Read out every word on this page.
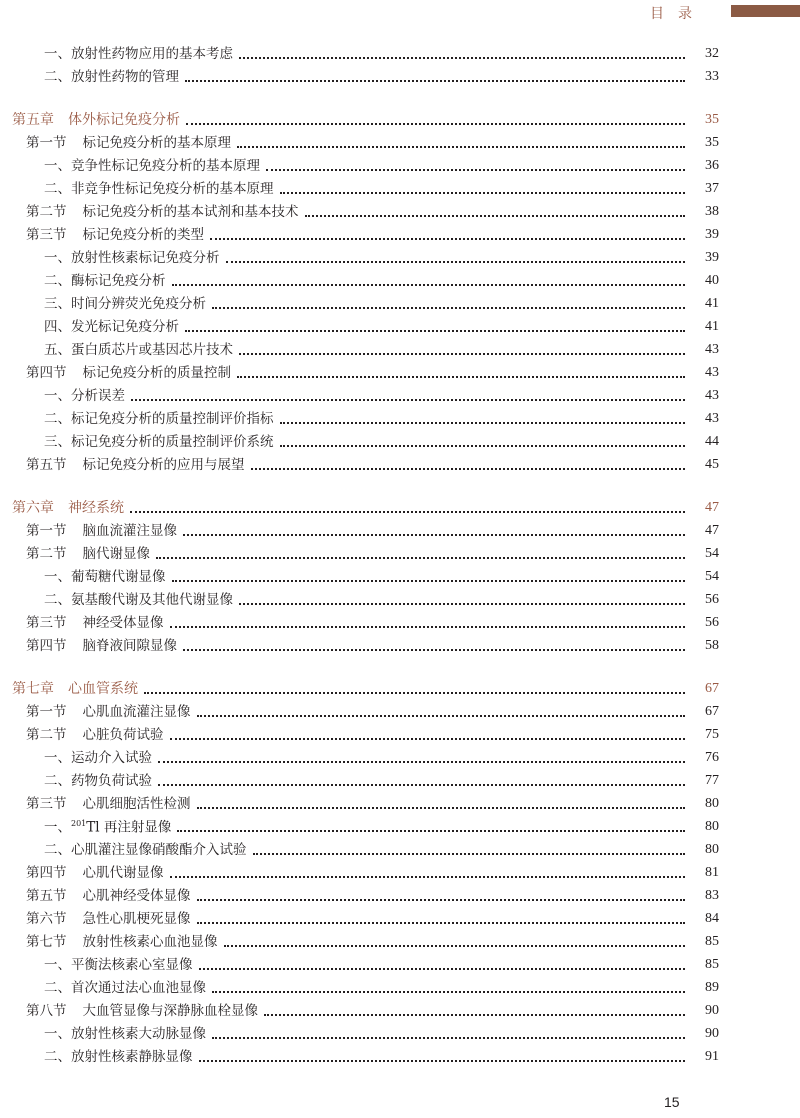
目录
一、放射性药物应用的基本考虑	32
二、放射性药物的管理	33
第五章 体外标记免疫分析	35
第一节 标记免疫分析的基本原理	35
一、竞争性标记免疫分析的基本原理	36
二、非竞争性标记免疫分析的基本原理	37
第二节 标记免疫分析的基本试剂和基本技术	38
第三节 标记免疫分析的类型	39
一、放射性核素标记免疫分析	39
二、酶标记免疫分析	40
三、时间分辨荧光免疫分析	41
四、发光标记免疫分析	41
五、蛋白质芯片或基因芯片技术	43
第四节 标记免疫分析的质量控制	43
一、分析误差	43
二、标记免疫分析的质量控制评价指标	43
三、标记免疫分析的质量控制评价系统	44
第五节 标记免疫分析的应用与展望	45
第六章 神经系统	47
第一节 脑血流灌注显像	47
第二节 脑代谢显像	54
一、葡萄糖代谢显像	54
二、氨基酸代谢及其他代谢显像	56
第三节 神经受体显像	56
第四节 脑脊液间隙显像	58
第七章 心血管系统	67
第一节 心肌血流灌注显像	67
第二节 心脏负荷试验	75
一、运动介入试验	76
二、药物负荷试验	77
第三节 心肌细胞活性检测	80
一、$^{201}$Tl 再注射显像	80
二、心肌灌注显像硝酸酯介入试验	80
第四节 心肌代谢显像	81
第五节 心肌神经受体显像	83
第六节 急性心肌梗死显像	84
第七节 放射性核素心血池显像	85
一、平衡法核素心室显像	85
二、首次通过法心血池显像	89
第八节 大血管显像与深静脉血栓显像	90
一、放射性核素大动脉显像	90
二、放射性核素静脉显像	91
15
